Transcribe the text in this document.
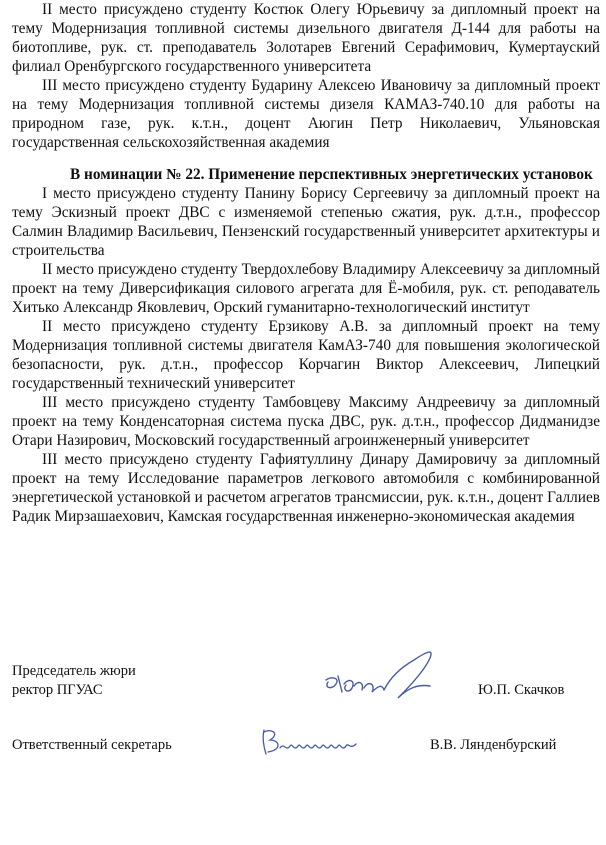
II место присуждено студенту Костюк Олегу Юрьевичу за дипломный проект на тему Модернизация топливной системы дизельного двигателя Д-144 для работы на биотопливе, рук. ст. преподаватель Золотарев Евгений Серафимович, Кумертауский филиал Оренбургского государственного университета

III место присуждено студенту Бударину Алексею Ивановичу за дипломный проект на тему Модернизация топливной системы дизеля КАМАЗ-740.10 для работы на природном газе, рук. к.т.н., доцент Аюгин Петр Николаевич, Ульяновская государственная сельскохозяйственная академия

В номинации № 22. Применение перспективных энергетических установок

I место присуждено студенту Панину Борису Сергеевичу за дипломный проект на тему Эскизный проект ДВС с изменяемой степенью сжатия, рук. д.т.н., профессор Салмин Владимир Васильевич, Пензенский государственный университет архитектуры и строительства

II место присуждено студенту Твердохлебову Владимиру Алексеевичу за дипломный проект на тему Диверсификация силового агрегата для Ё-мобиля, рук. ст. реподаватель Хитько Александр Яковлевич, Орский гуманитарно-технологический институт

II место присуждено студенту Ерзикову А.В. за дипломный проект на тему Модернизация топливной системы двигателя КамАЗ-740 для повышения экологической безопасности, рук. д.т.н., профессор Корчагин Виктор Алексеевич, Липецкий государственный технический университет

III место присуждено студенту Тамбовцеву Максиму Андреевичу за дипломный проект на тему Конденсаторная система пуска ДВС, рук. д.т.н., профессор Дидманидзе Отари Назирович, Московский государственный агроинженерный университет

III место присуждено студенту Гафиятуллину Динару Дамировичу за дипломный проект на тему Исследование параметров легкового автомобиля с комбинированной энергетической установкой и расчетом агрегатов трансмиссии, рук. к.т.н., доцент Галлиев Радик Мирзашаехович, Камская государственная инженерно-экономическая академия

Председатель жюри
ректор ПГУАС	Ю.П. Скачков
Ответственный секретарь	В.В. Лянденбурский
